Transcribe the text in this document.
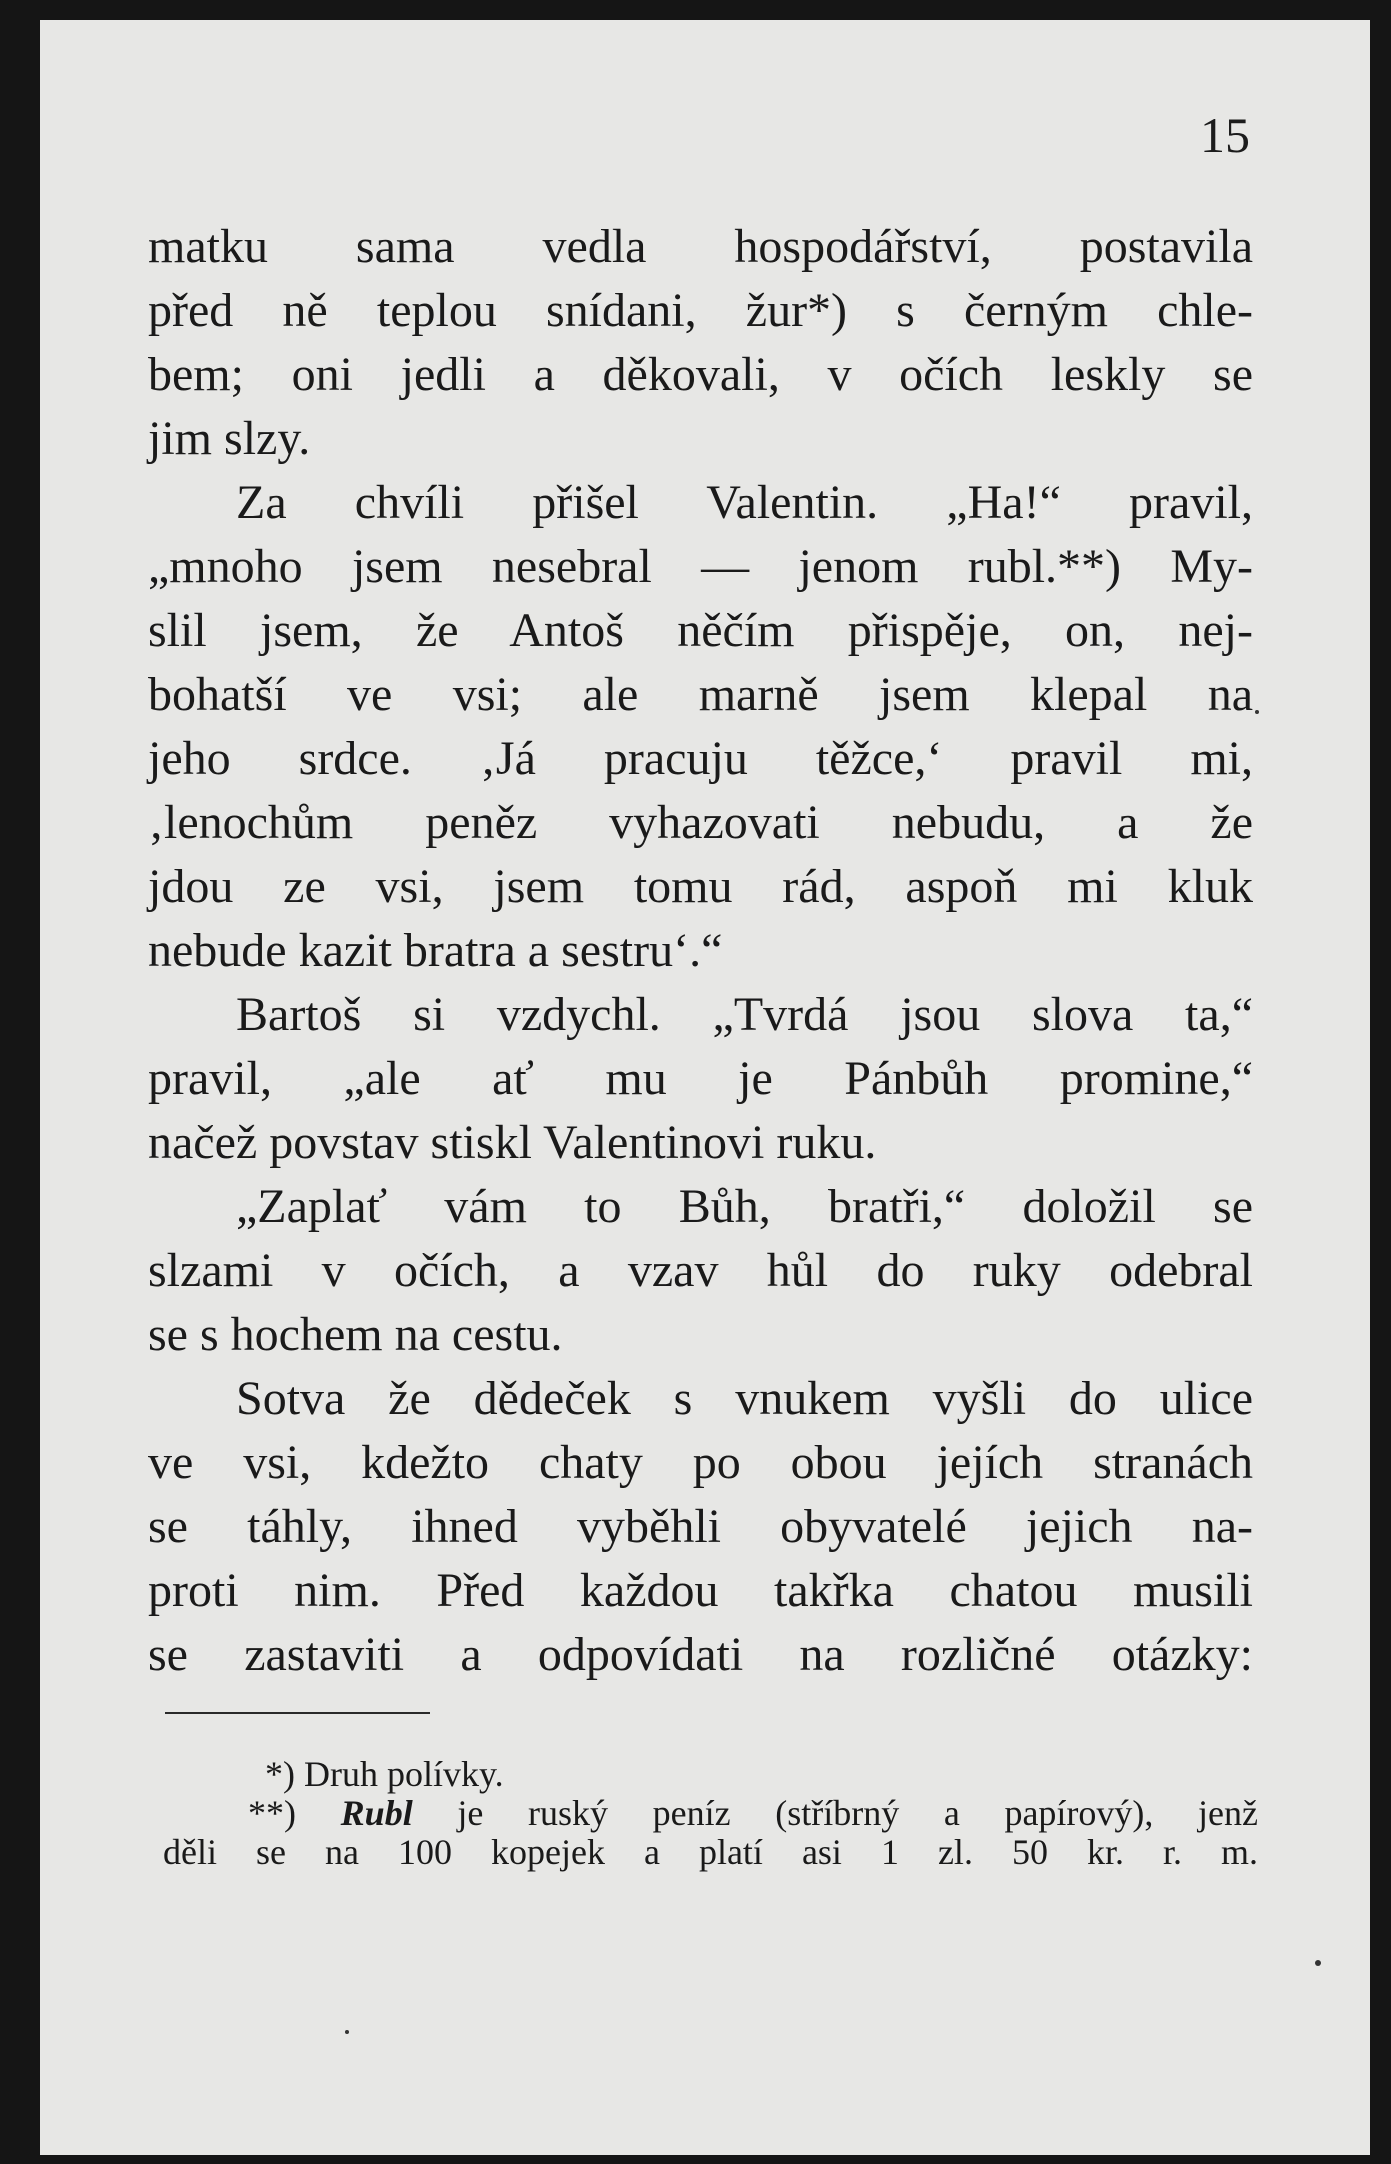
15
matku sama vedla hospodářství, postavila
před ně teplou snídani, žur*) s černým chle-
bem; oni jedli a děkovali, v očích leskly se
jim slzy.
Za chvíli přišel Valentin. „Ha!“ pravil,
„mnoho jsem nesebral — jenom rubl.**) My-
slil jsem, že Antoš něčím přispěje, on, nej-
bohatší ve vsi; ale marně jsem klepal na
jeho srdce. ‚Já pracuju těžce,‘ pravil mi,
‚lenochům peněz vyhazovati nebudu, a že
jdou ze vsi, jsem tomu rád, aspoň mi kluk
nebude kazit bratra a sestru‘.“
Bartoš si vzdychl. „Tvrdá jsou slova ta,“
pravil, „ale ať mu je Pánbůh promine,“
načež povstav stiskl Valentinovi ruku.
„Zaplať vám to Bůh, bratři,“ doložil se
slzami v očích, a vzav hůl do ruky odebral
se s hochem na cestu.
Sotva že dědeček s vnukem vyšli do ulice
ve vsi, kdežto chaty po obou jejích stranách
se táhly, ihned vyběhli obyvatelé jejich na-
proti nim. Před každou takřka chatou musili
se zastaviti a odpovídati na rozličné otázky:
*) Druh polívky.
**) Rubl je ruský peníz (stříbrný a papírový), jenž
děli se na 100 kopejek a platí asi 1 zl. 50 kr. r. m.
